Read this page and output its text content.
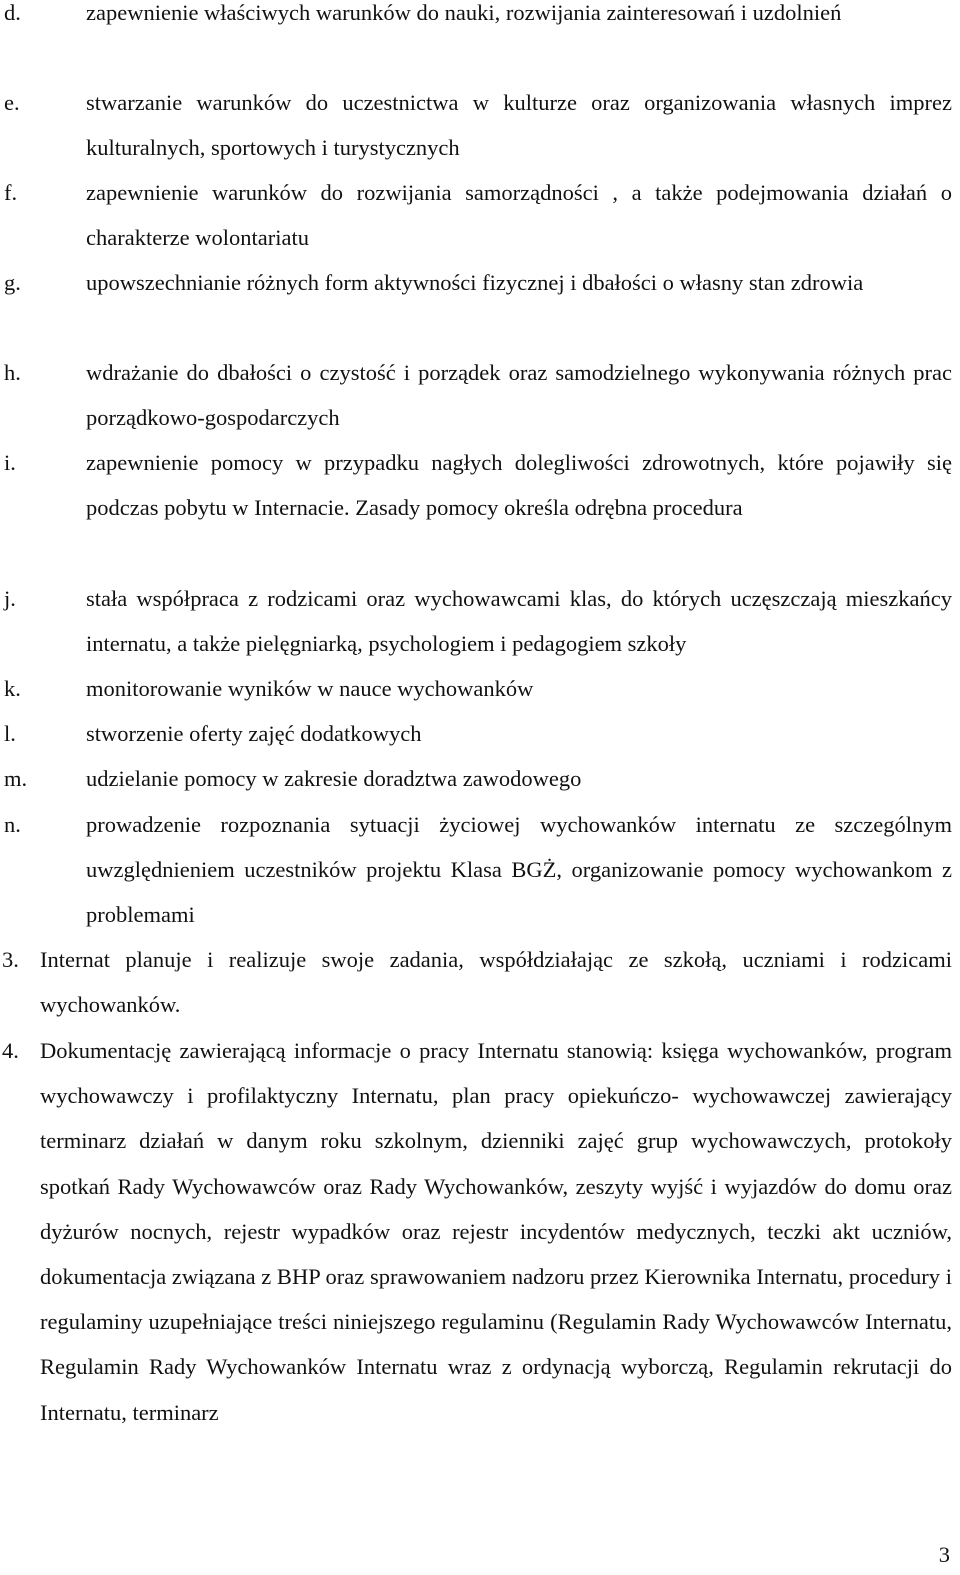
d.	zapewnienie właściwych warunków do nauki, rozwijania zainteresowań i uzdolnień
e.	stwarzanie warunków do uczestnictwa w kulturze oraz organizowania własnych imprez kulturalnych, sportowych i turystycznych
f.	zapewnienie warunków do rozwijania samorządności , a także podejmowania działań o charakterze wolontariatu
g.	upowszechnianie różnych form aktywności fizycznej i dbałości o własny stan zdrowia
h.	wdrażanie do dbałości o czystość i porządek oraz samodzielnego wykonywania różnych prac porządkowo-gospodarczych
i.	zapewnienie pomocy w przypadku nagłych dolegliwości zdrowotnych, które pojawiły się podczas pobytu w Internacie. Zasady pomocy określa odrębna procedura
j.	stała współpraca z rodzicami oraz wychowawcami klas, do których uczęszczają mieszkańcy internatu, a także pielęgniarką, psychologiem i pedagogiem szkoły
k.	monitorowanie wyników w nauce wychowanków
l.	stworzenie oferty zajęć dodatkowych
m.	udzielanie pomocy w zakresie doradztwa zawodowego
n.	prowadzenie rozpoznania sytuacji życiowej wychowanków internatu ze szczególnym uwzględnieniem uczestników projektu Klasa BGŻ, organizowanie pomocy wychowankom z problemami
3. Internat planuje i realizuje swoje zadania, współdziałając ze szkołą, uczniami i rodzicami wychowanków.
4. Dokumentację zawierającą informacje o pracy Internatu stanowią: księga wychowanków, program wychowawczy i profilaktyczny Internatu, plan pracy opiekuńczo- wychowawczej zawierający terminarz działań w danym roku szkolnym, dzienniki zajęć grup wychowawczych, protokoły spotkań Rady Wychowawców oraz Rady Wychowanków, zeszyty wyjść i wyjazdów do domu oraz dyżurów nocnych, rejestr wypadków oraz rejestr incydentów medycznych, teczki akt uczniów, dokumentacja związana z BHP oraz sprawowaniem nadzoru przez Kierownika Internatu, procedury i regulaminy uzupełniające treści niniejszego regulaminu (Regulamin Rady Wychowawców Internatu, Regulamin Rady Wychowanków Internatu wraz z ordynacją wyborczą, Regulamin rekrutacji do Internatu, terminarz
3
